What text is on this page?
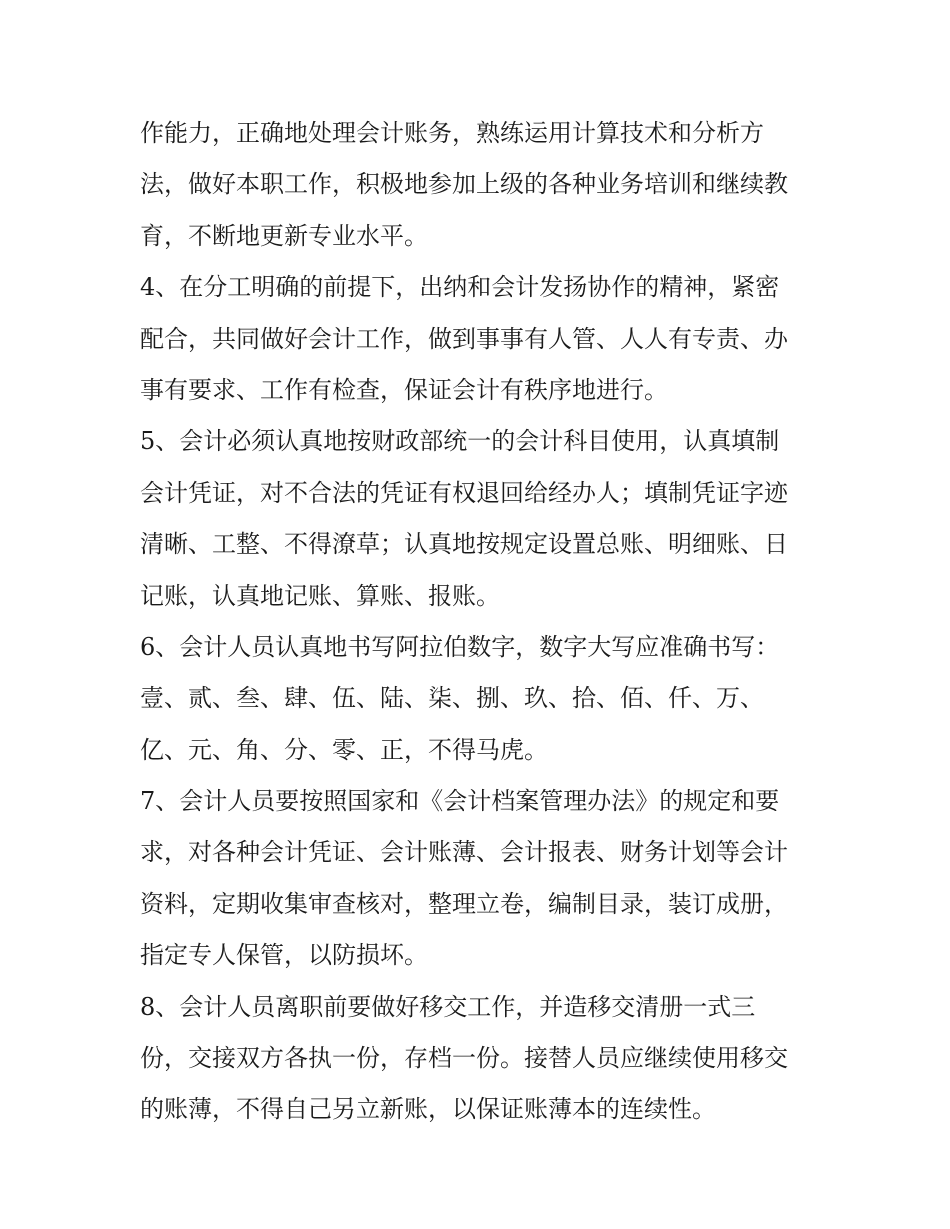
作能力，正确地处理会计账务，熟练运用计算技术和分析方
法，做好本职工作，积极地参加上级的各种业务培训和继续教
育，不断地更新专业水平。
4、在分工明确的前提下，出纳和会计发扬协作的精神，紧密
配合，共同做好会计工作，做到事事有人管、人人有专责、办
事有要求、工作有检查，保证会计有秩序地进行。
5、会计必须认真地按财政部统一的会计科目使用，认真填制
会计凭证，对不合法的凭证有权退回给经办人；填制凭证字迹
清晰、工整、不得潦草；认真地按规定设置总账、明细账、日
记账，认真地记账、算账、报账。
6、会计人员认真地书写阿拉伯数字，数字大写应准确书写：
壹、贰、叁、肆、伍、陆、柒、捌、玖、拾、佰、仟、万、
亿、元、角、分、零、正，不得马虎。
7、会计人员要按照国家和《会计档案管理办法》的规定和要
求，对各种会计凭证、会计账薄、会计报表、财务计划等会计
资料，定期收集审查核对，整理立卷，编制目录，装订成册，
指定专人保管，以防损坏。
8、会计人员离职前要做好移交工作，并造移交清册一式三
份，交接双方各执一份，存档一份。接替人员应继续使用移交
的账薄，不得自己另立新账，以保证账薄本的连续性。
